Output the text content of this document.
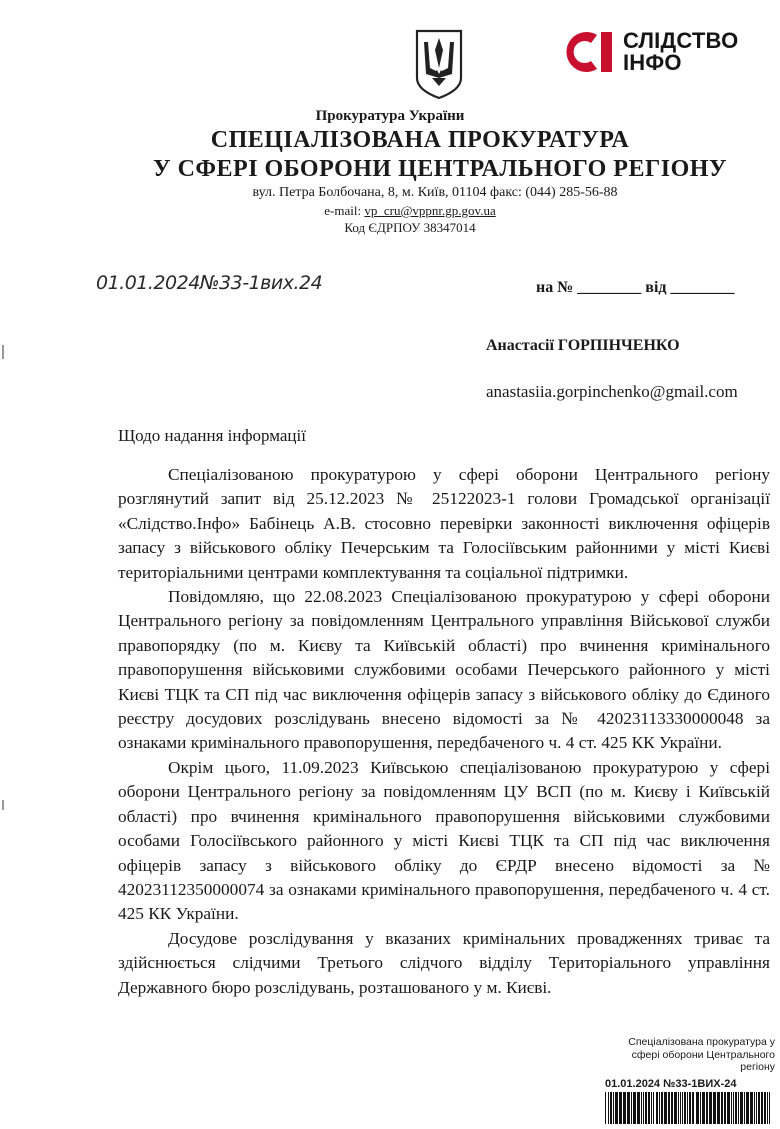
СЛІДСТВО
ІНФО
Прокуратура України
СПЕЦІАЛІЗОВАНА ПРОКУРАТУРА
У СФЕРІ ОБОРОНИ ЦЕНТРАЛЬНОГО РЕГІОНУ
вул. Петра Болбочана, 8, м. Київ, 01104 факс: (044) 285-56-88
e-mail: vp_cru@vppnr.gp.gov.ua
Код ЄДРПОУ 38347014
01.01.2024№33-1вих.24	на № ________ від ________
Анастасії ГОРПІНЧЕНКО
anastasiia.gorpinchenko@gmail.com
Щодо надання інформації

Спеціалізованою прокуратурою у сфері оборони Центрального регіону розглянутий запит від 25.12.2023 № 25122023-1 голови Громадської організації «Слідство.Інфо» Бабінець А.В. стосовно перевірки законності виключення офіцерів запасу з військового обліку Печерським та Голосіївським районними у місті Києві територіальними центрами комплектування та соціальної підтримки.

Повідомляю, що 22.08.2023 Спеціалізованою прокуратурою у сфері оборони Центрального регіону за повідомленням Центрального управління Військової служби правопорядку (по м. Києву та Київській області) про вчинення кримінального правопорушення військовими службовими особами Печерського районного у місті Києві ТЦК та СП під час виключення офіцерів запасу з військового обліку до Єдиного реєстру досудових розслідувань внесено відомості за № 42023113330000048 за ознаками кримінального правопорушення, передбаченого ч. 4 ст. 425 КК України.

Окрім цього, 11.09.2023 Київською спеціалізованою прокуратурою у сфері оборони Центрального регіону за повідомленням ЦУ ВСП (по м. Києву і Київській області) про вчинення кримінального правопорушення військовими службовими особами Голосіївського районного у місті Києві ТЦК та СП під час виключення офіцерів запасу з військового обліку до ЄРДР внесено відомості за № 42023112350000074 за ознаками кримінального правопорушення, передбаченого ч. 4 ст. 425 КК України.

Досудове розслідування у вказаних кримінальних провадженнях триває та здійснюється слідчими Третього слідчого відділу Територіального управління Державного бюро розслідувань, розташованого у м. Києві.

Спеціалізована прокуратура у сфері оборони Центрального регіону
01.01.2024 №33-1ВИХ-24
